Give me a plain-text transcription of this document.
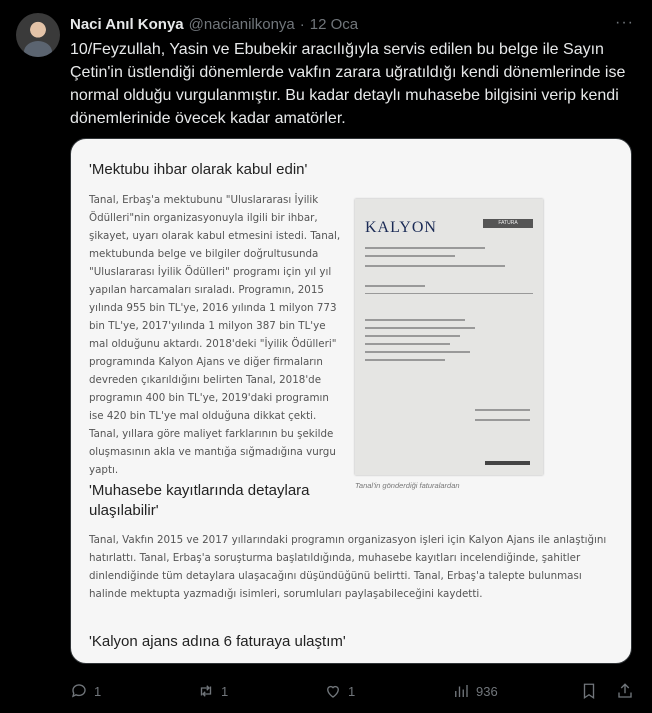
Naci Anıl Konya @nacianilkonya · 12 Oca	···
10/Feyzullah, Yasin ve Ebubekir aracılığıyla servis edilen bu belge ile Sayın Çetin'in üstlendiği dönemlerde vakfın zarara uğratıldığı kendi dönemlerinde ise normal olduğu vurgulanmıştır. Bu kadar detaylı muhasebe bilgisini verip kendi dönemlerinide övecek kadar amatörler.
'Mektubu ihbar olarak kabul edin'
Tanal, Erbaş'a mektubunu "Uluslararası İyilik Ödülleri"nin organizasyonuyla ilgili bir ihbar, şikayet, uyarı olarak kabul etmesini istedi. Tanal, mektubunda belge ve bilgiler doğrultusunda "Uluslararası İyilik Ödülleri" programı için yıl yıl yapılan harcamaları sıraladı. Programın, 2015 yılında 955 bin TL'ye, 2016 yılında 1 milyon 773 bin TL'ye, 2017'yılında 1 milyon 387 bin TL'ye mal olduğunu aktardı. 2018'deki "İyilik Ödülleri" programında Kalyon Ajans ve diğer firmaların devreden çıkarıldığını belirten Tanal, 2018'de programın 400 bin TL'ye, 2019'daki programın ise 420 bin TL'ye mal olduğuna dikkat çekti. Tanal, yıllara göre maliyet farklarının bu şekilde oluşmasının akla ve mantığa sığmadığına vurgu yaptı.
KALYON	FATURA
Tanal'in gönderdiği faturalardan
'Muhasebe kayıtlarında detaylara ulaşılabilir'
Tanal, Vakfın 2015 ve 2017 yıllarındaki programın organizasyon işleri için Kalyon Ajans ile anlaştığını hatırlattı. Tanal, Erbaş'a soruşturma başlatıldığında, muhasebe kayıtları incelendiğinde, şahitler dinlendiğinde tüm detaylara ulaşacağını düşündüğünü belirtti. Tanal, Erbaş'a talepte bulunması halinde mektupta yazmadığı isimleri, sorumluları paylaşabileceğini kaydetti.
'Kalyon ajans adına 6 faturaya ulaştım'
1	1	1	936
